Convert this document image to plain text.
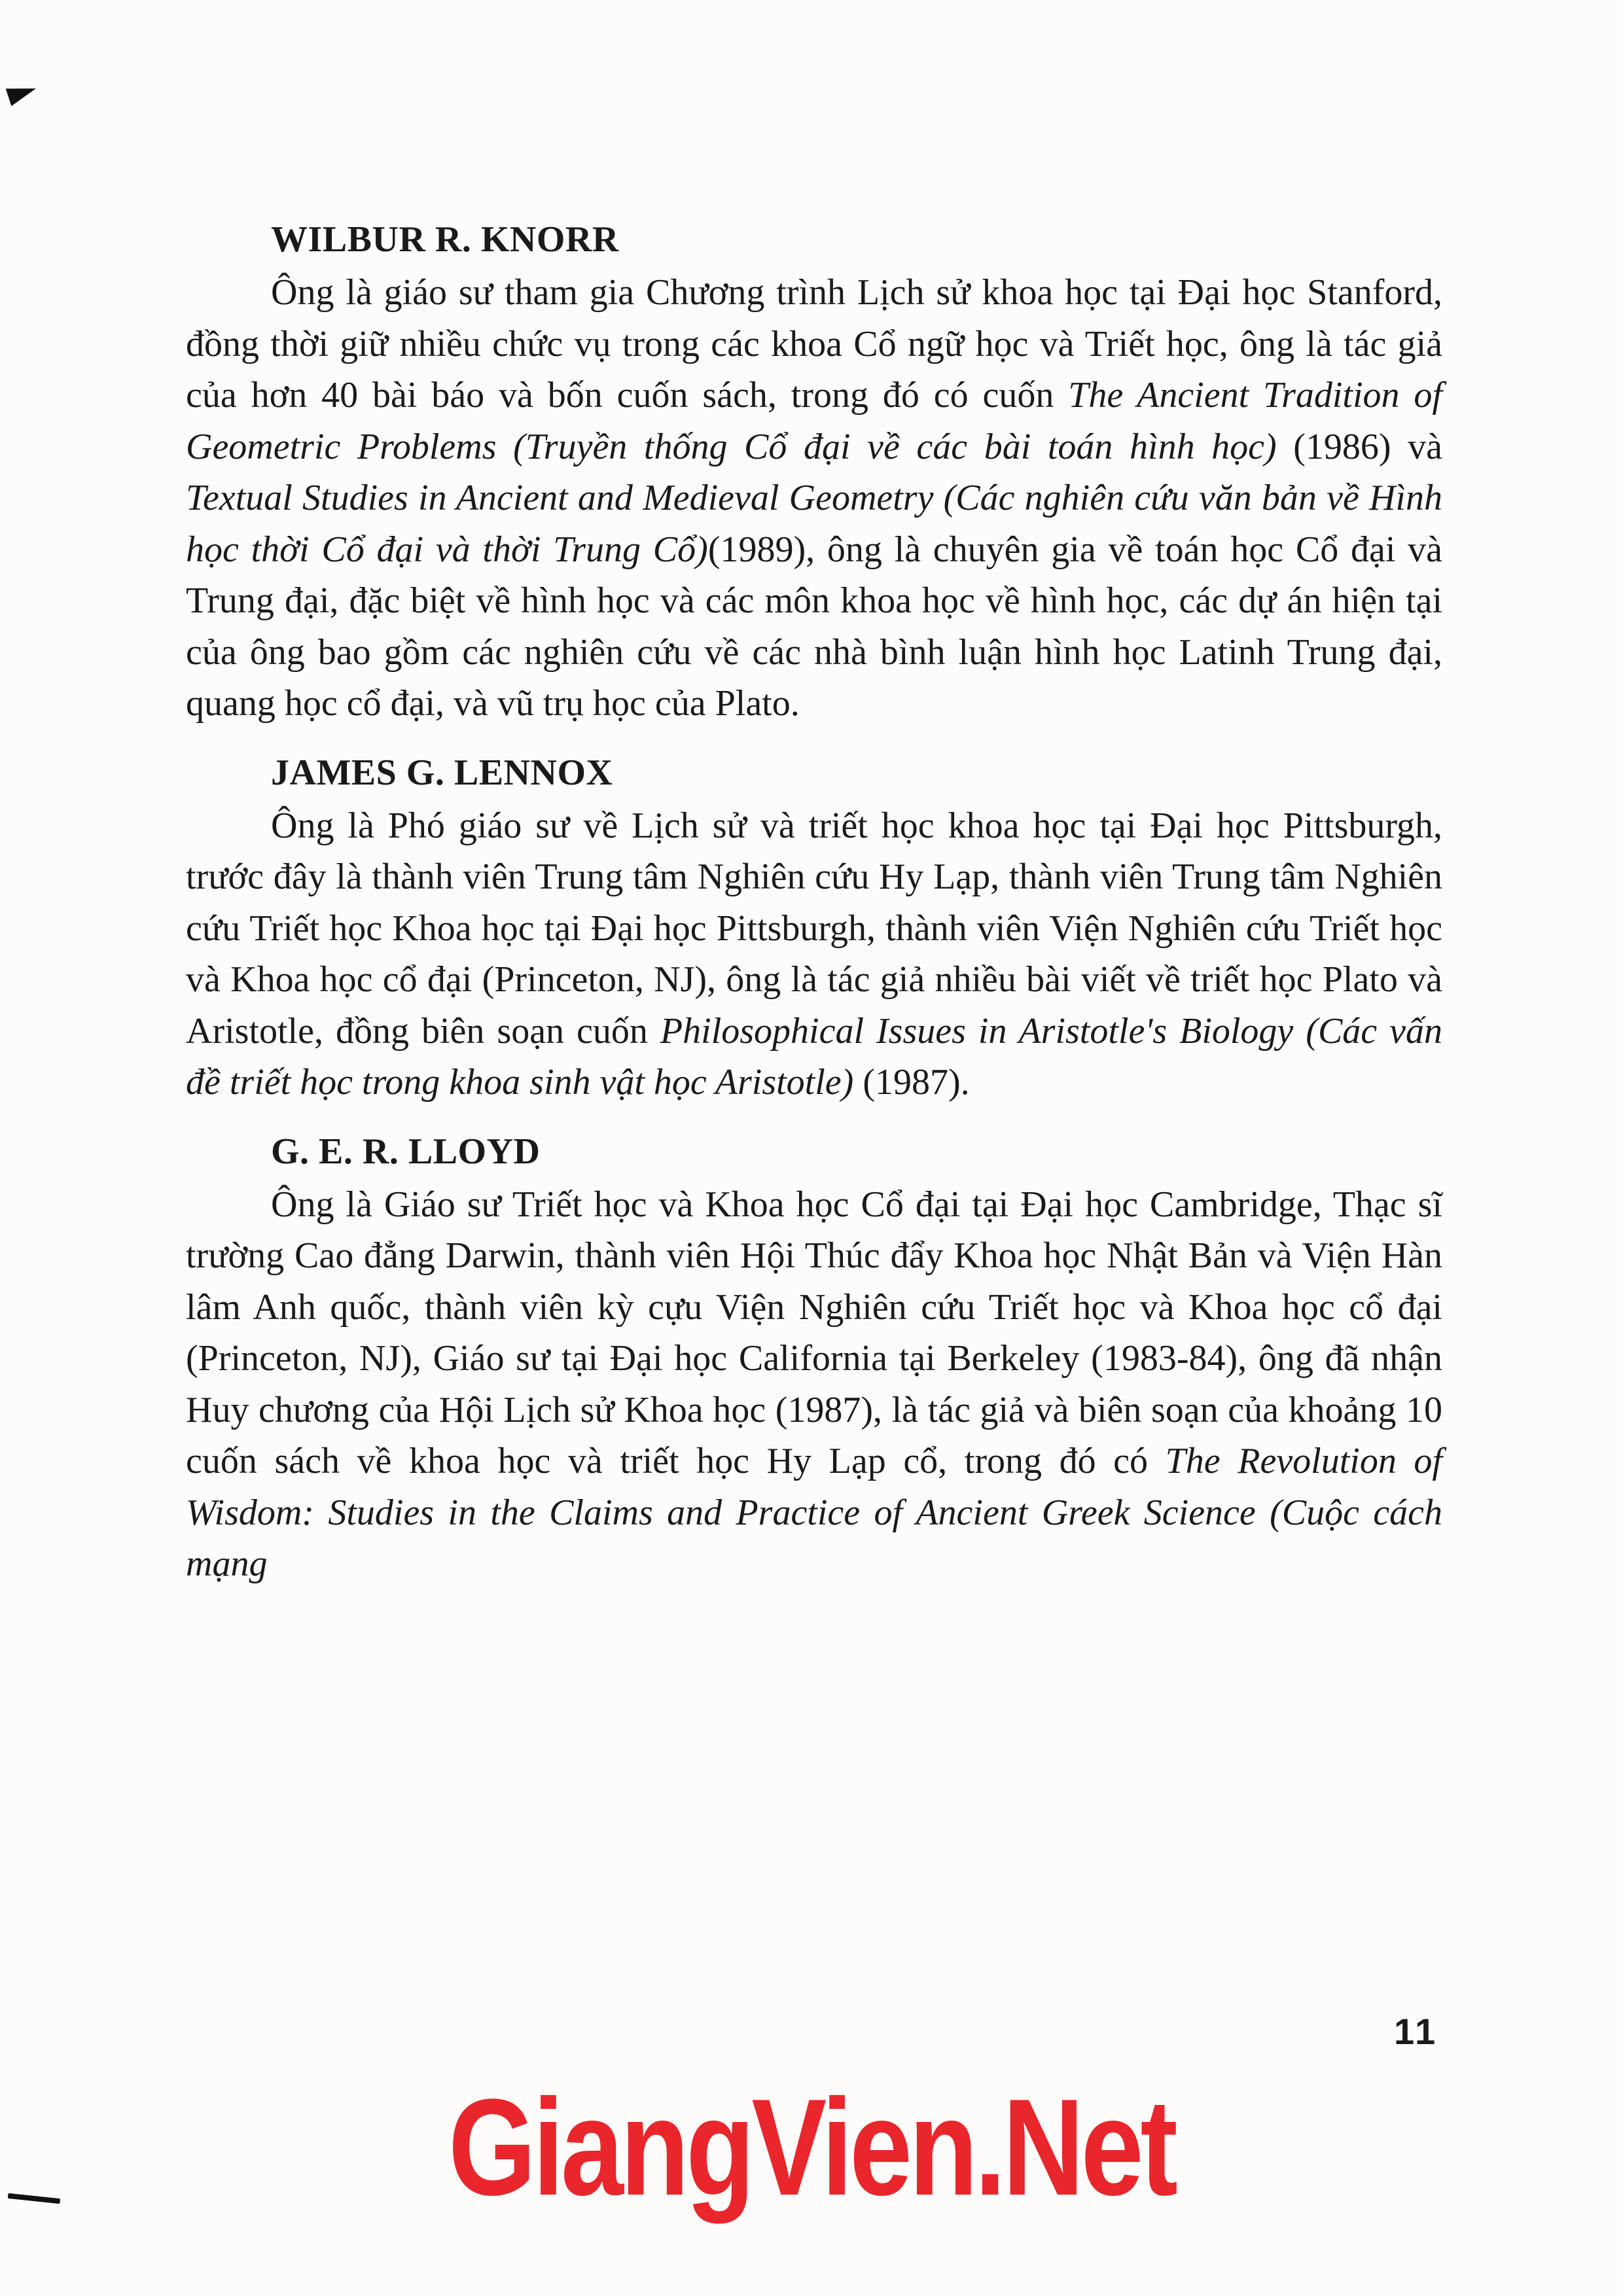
WILBUR R. KNORR

Ông là giáo sư tham gia Chương trình Lịch sử khoa học tại Đại học Stanford, đồng thời giữ nhiều chức vụ trong các khoa Cổ ngữ học và Triết học, ông là tác giả của hơn 40 bài báo và bốn cuốn sách, trong đó có cuốn The Ancient Tradition of Geometric Problems (Truyền thống Cổ đại về các bài toán hình học) (1986) và Textual Studies in Ancient and Medieval Geometry (Các nghiên cứu văn bản về Hình học thời Cổ đại và thời Trung Cổ)(1989), ông là chuyên gia về toán học Cổ đại và Trung đại, đặc biệt về hình học và các môn khoa học về hình học, các dự án hiện tại của ông bao gồm các nghiên cứu về các nhà bình luận hình học Latinh Trung đại, quang học cổ đại, và vũ trụ học của Plato.

JAMES G. LENNOX

Ông là Phó giáo sư về Lịch sử và triết học khoa học tại Đại học Pittsburgh, trước đây là thành viên Trung tâm Nghiên cứu Hy Lạp, thành viên Trung tâm Nghiên cứu Triết học Khoa học tại Đại học Pittsburgh, thành viên Viện Nghiên cứu Triết học và Khoa học cổ đại (Princeton, NJ), ông là tác giả nhiều bài viết về triết học Plato và Aristotle, đồng biên soạn cuốn Philosophical Issues in Aristotle's Biology (Các vấn đề triết học trong khoa sinh vật học Aristotle) (1987).

G. E. R. LLOYD

Ông là Giáo sư Triết học và Khoa học Cổ đại tại Đại học Cambridge, Thạc sĩ trường Cao đẳng Darwin, thành viên Hội Thúc đẩy Khoa học Nhật Bản và Viện Hàn lâm Anh quốc, thành viên kỳ cựu Viện Nghiên cứu Triết học và Khoa học cổ đại (Princeton, NJ), Giáo sư tại Đại học California tại Berkeley (1983-84), ông đã nhận Huy chương của Hội Lịch sử Khoa học (1987), là tác giả và biên soạn của khoảng 10 cuốn sách về khoa học và triết học Hy Lạp cổ, trong đó có The Revolution of Wisdom: Studies in the Claims and Practice of Ancient Greek Science (Cuộc cách mạng

11
GiangVien.Net
